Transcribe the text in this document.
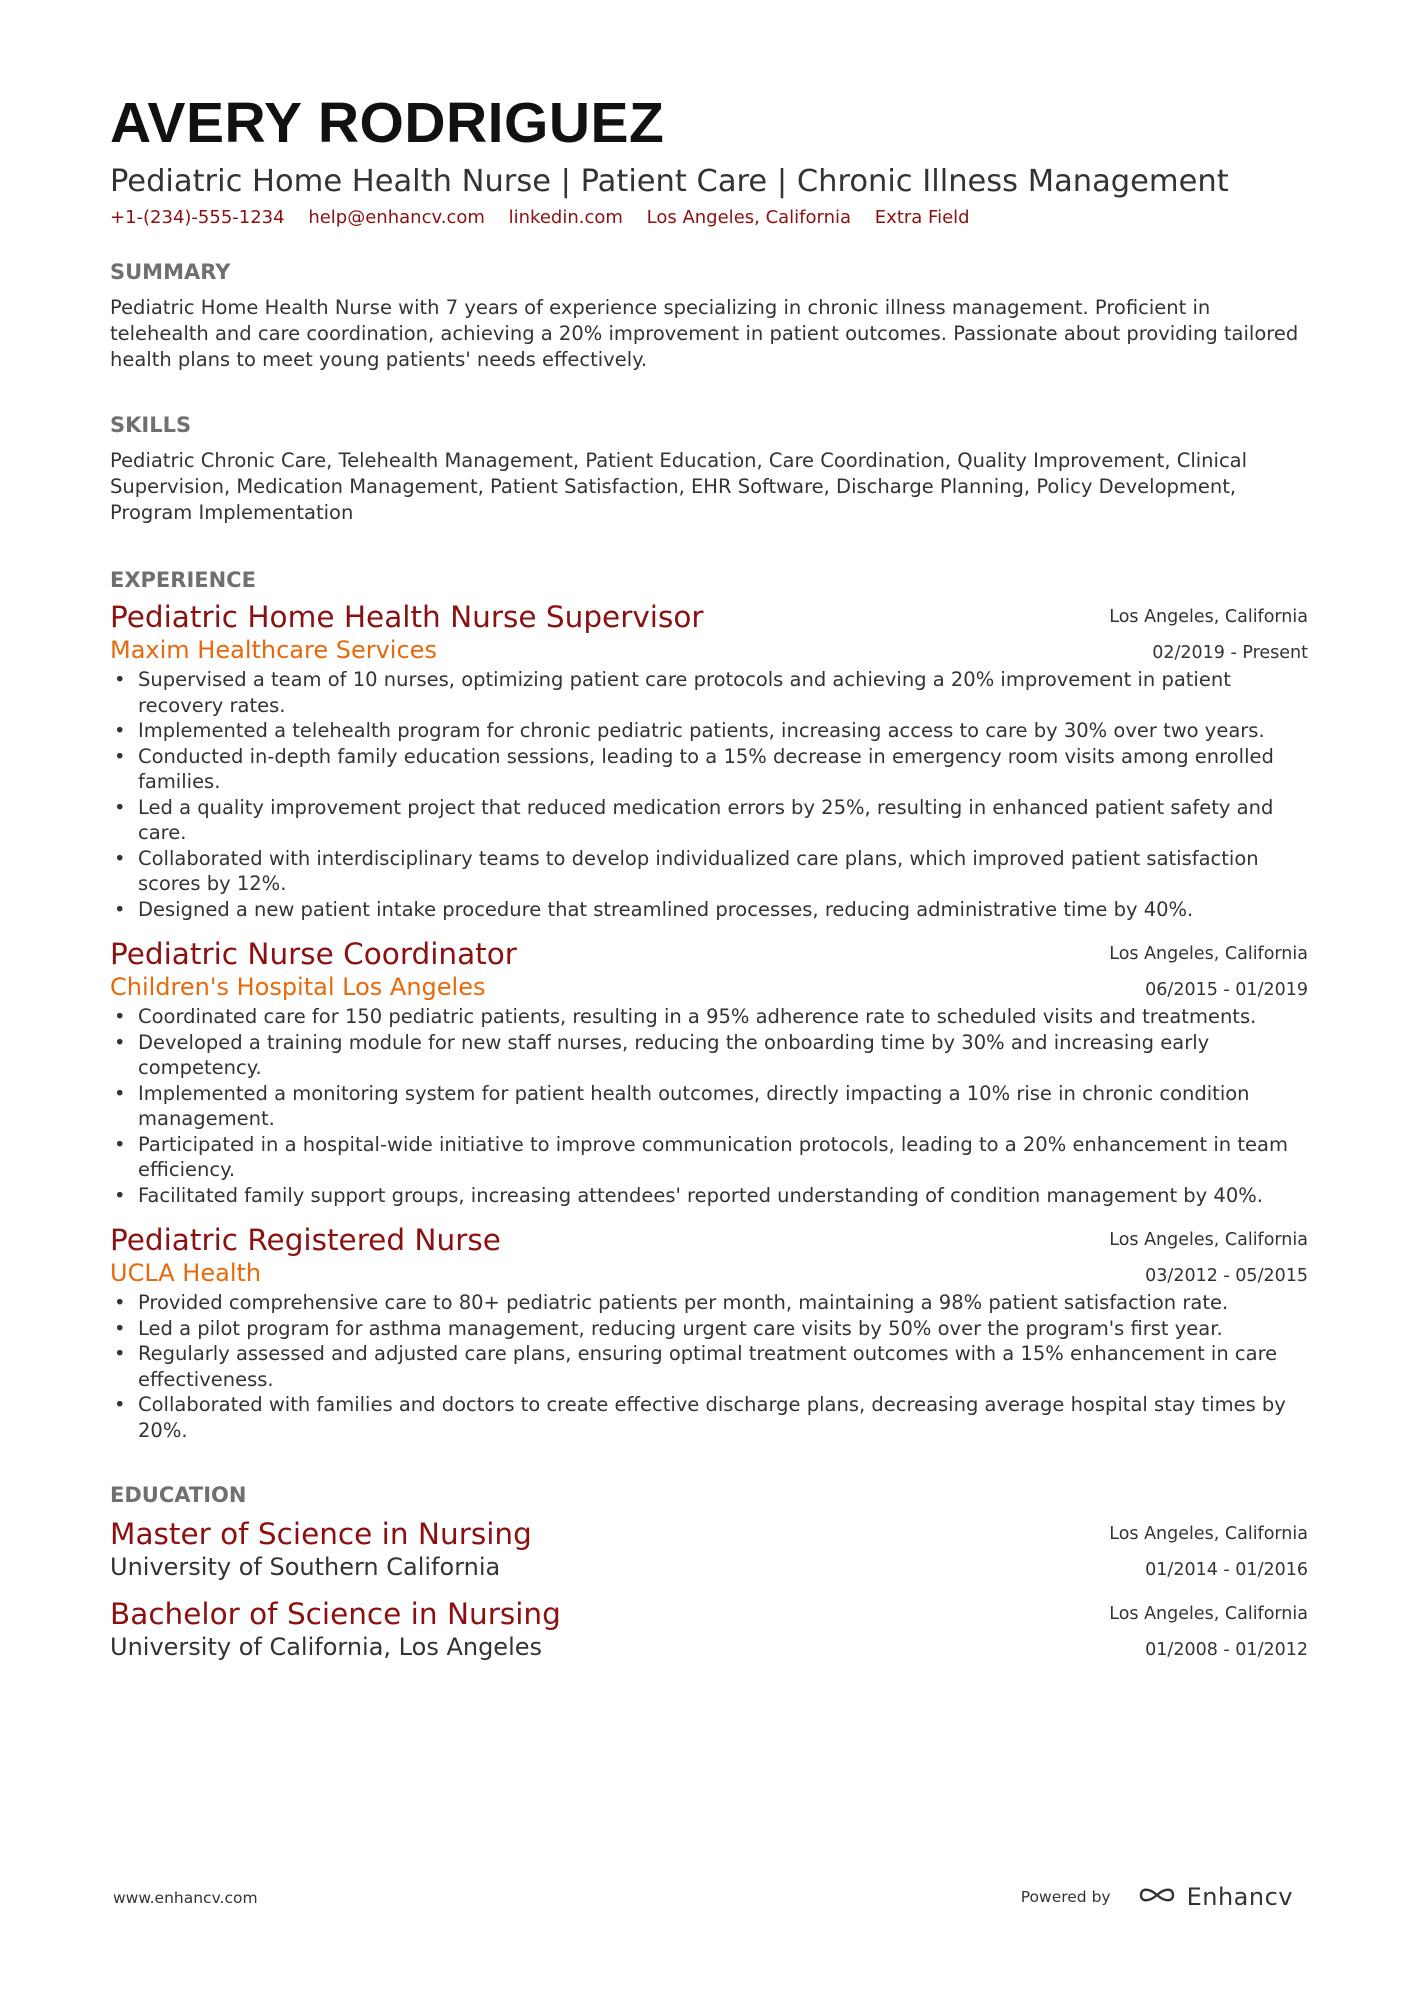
AVERY RODRIGUEZ
Pediatric Home Health Nurse | Patient Care | Chronic Illness Management
+1-(234)-555-1234 help@enhancv.com linkedin.com Los Angeles, California Extra Field
SUMMARY
Pediatric Home Health Nurse with 7 years of experience specializing in chronic illness management. Proficient in telehealth and care coordination, achieving a 20% improvement in patient outcomes. Passionate about providing tailored health plans to meet young patients' needs effectively.
SKILLS
Pediatric Chronic Care, Telehealth Management, Patient Education, Care Coordination, Quality Improvement, Clinical Supervision, Medication Management, Patient Satisfaction, EHR Software, Discharge Planning, Policy Development, Program Implementation
EXPERIENCE
Pediatric Home Health Nurse Supervisor
Maxim Healthcare Services
Los Angeles, California
02/2019 - Present
• Supervised a team of 10 nurses, optimizing patient care protocols and achieving a 20% improvement in patient recovery rates.
• Implemented a telehealth program for chronic pediatric patients, increasing access to care by 30% over two years.
• Conducted in-depth family education sessions, leading to a 15% decrease in emergency room visits among enrolled families.
• Led a quality improvement project that reduced medication errors by 25%, resulting in enhanced patient safety and care.
• Collaborated with interdisciplinary teams to develop individualized care plans, which improved patient satisfaction scores by 12%.
• Designed a new patient intake procedure that streamlined processes, reducing administrative time by 40%.
Pediatric Nurse Coordinator
Children's Hospital Los Angeles
Los Angeles, California
06/2015 - 01/2019
• Coordinated care for 150 pediatric patients, resulting in a 95% adherence rate to scheduled visits and treatments.
• Developed a training module for new staff nurses, reducing the onboarding time by 30% and increasing early competency.
• Implemented a monitoring system for patient health outcomes, directly impacting a 10% rise in chronic condition management.
• Participated in a hospital-wide initiative to improve communication protocols, leading to a 20% enhancement in team efficiency.
• Facilitated family support groups, increasing attendees' reported understanding of condition management by 40%.
Pediatric Registered Nurse
UCLA Health
Los Angeles, California
03/2012 - 05/2015
• Provided comprehensive care to 80+ pediatric patients per month, maintaining a 98% patient satisfaction rate.
• Led a pilot program for asthma management, reducing urgent care visits by 50% over the program's first year.
• Regularly assessed and adjusted care plans, ensuring optimal treatment outcomes with a 15% enhancement in care effectiveness.
• Collaborated with families and doctors to create effective discharge plans, decreasing average hospital stay times by 20%.
EDUCATION
Master of Science in Nursing
University of Southern California
Los Angeles, California
01/2014 - 01/2016
Bachelor of Science in Nursing
University of California, Los Angeles
Los Angeles, California
01/2008 - 01/2012
www.enhancv.com	Powered by	Enhancv
